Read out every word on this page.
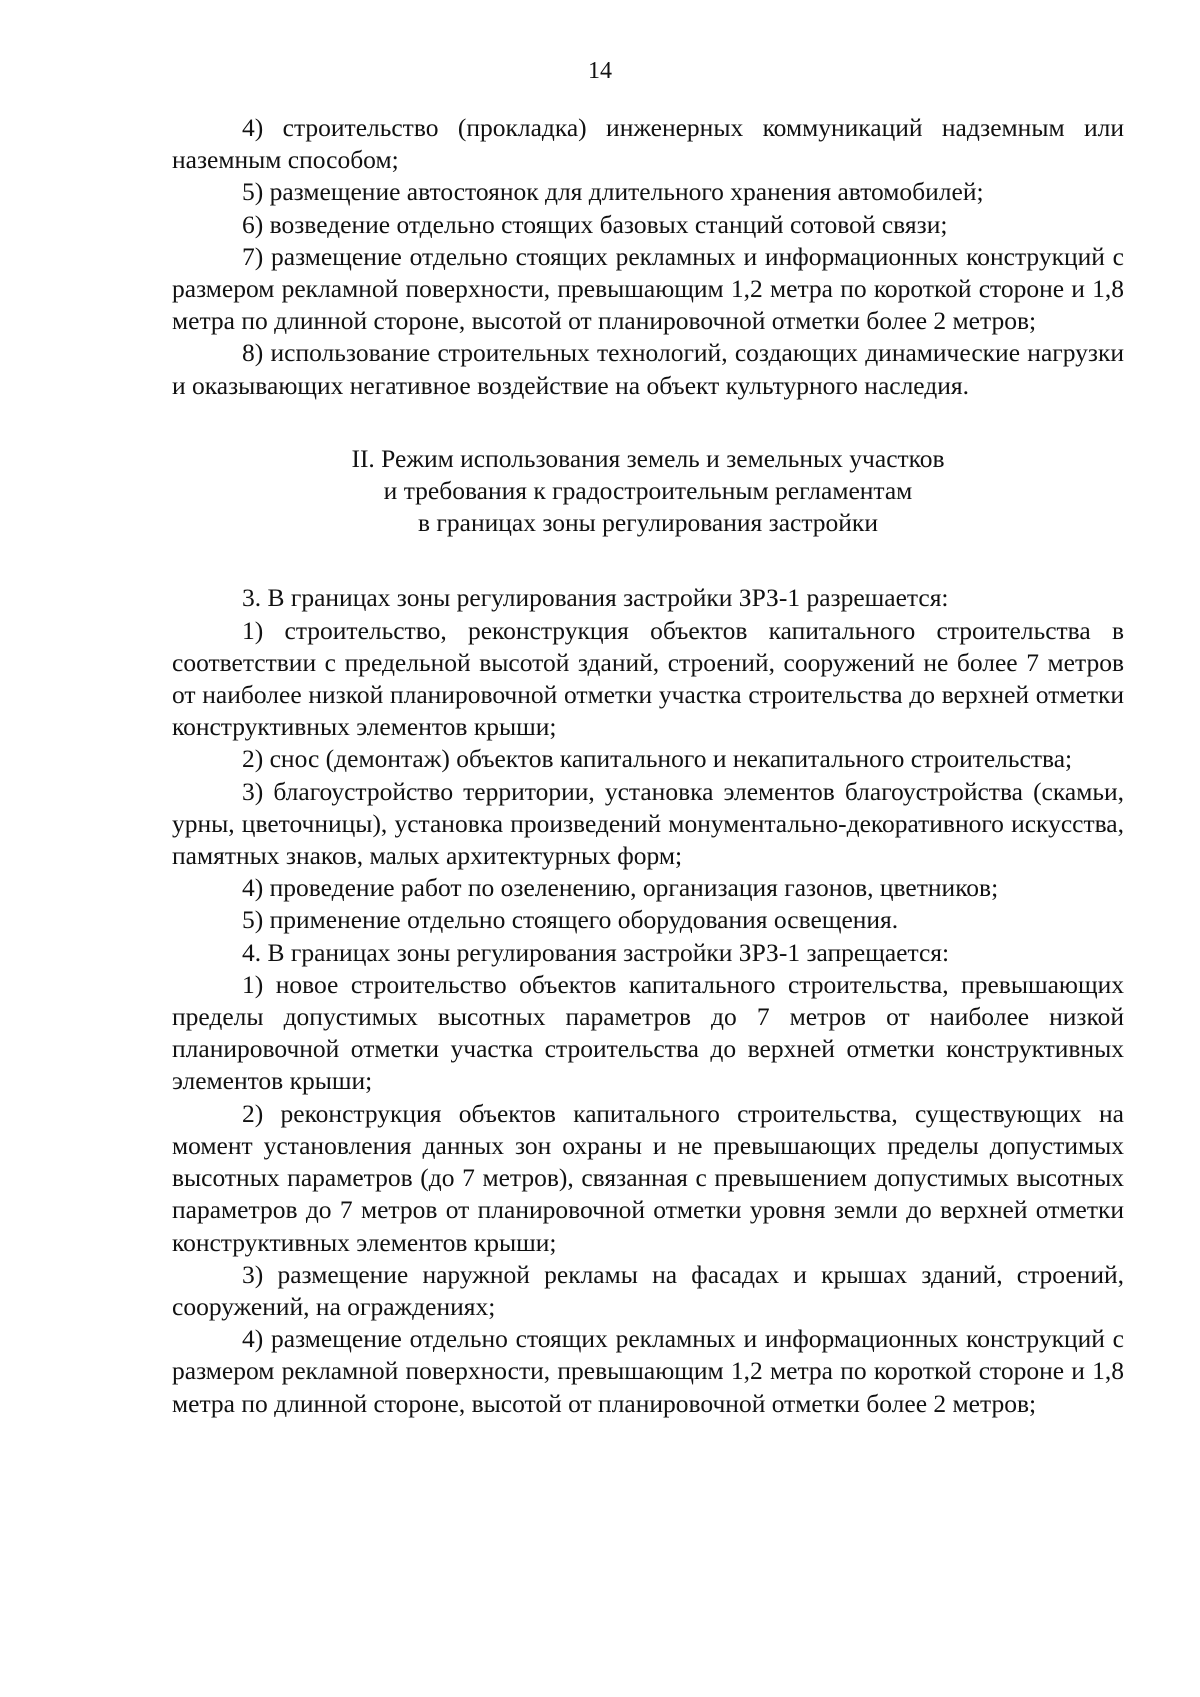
14

4) строительство (прокладка) инженерных коммуникаций надземным или наземным способом;

5) размещение автостоянок для длительного хранения автомобилей;

6) возведение отдельно стоящих базовых станций сотовой связи;

7) размещение отдельно стоящих рекламных и информационных конструкций с размером рекламной поверхности, превышающим 1,2 метра по короткой стороне и 1,8 метра по длинной стороне, высотой от планировочной отметки более 2 метров;

8) использование строительных технологий, создающих динамические нагрузки и оказывающих негативное воздействие на объект культурного наследия.

II. Режим использования земель и земельных участков
и требования к градостроительным регламентам
в границах зоны регулирования застройки

3. В границах зоны регулирования застройки ЗРЗ-1 разрешается:

1) строительство, реконструкция объектов капитального строительства в соответствии с предельной высотой зданий, строений, сооружений не более 7 метров от наиболее низкой планировочной отметки участка строительства до верхней отметки конструктивных элементов крыши;

2) снос (демонтаж) объектов капитального и некапитального строительства;

3) благоустройство территории, установка элементов благоустройства (скамьи, урны, цветочницы), установка произведений монументально-декоративного искусства, памятных знаков, малых архитектурных форм;

4) проведение работ по озеленению, организация газонов, цветников;

5) применение отдельно стоящего оборудования освещения.

4. В границах зоны регулирования застройки ЗРЗ-1 запрещается:

1) новое строительство объектов капитального строительства, превышающих пределы допустимых высотных параметров до 7 метров от наиболее низкой планировочной отметки участка строительства до верхней отметки конструктивных элементов крыши;

2) реконструкция объектов капитального строительства, существующих на момент установления данных зон охраны и не превышающих пределы допустимых высотных параметров (до 7 метров), связанная с превышением допустимых высотных параметров до 7 метров от планировочной отметки уровня земли до верхней отметки конструктивных элементов крыши;

3) размещение наружной рекламы на фасадах и крышах зданий, строений, сооружений, на ограждениях;

4) размещение отдельно стоящих рекламных и информационных конструкций с размером рекламной поверхности, превышающим 1,2 метра по короткой стороне и 1,8 метра по длинной стороне, высотой от планировочной отметки более 2 метров;
